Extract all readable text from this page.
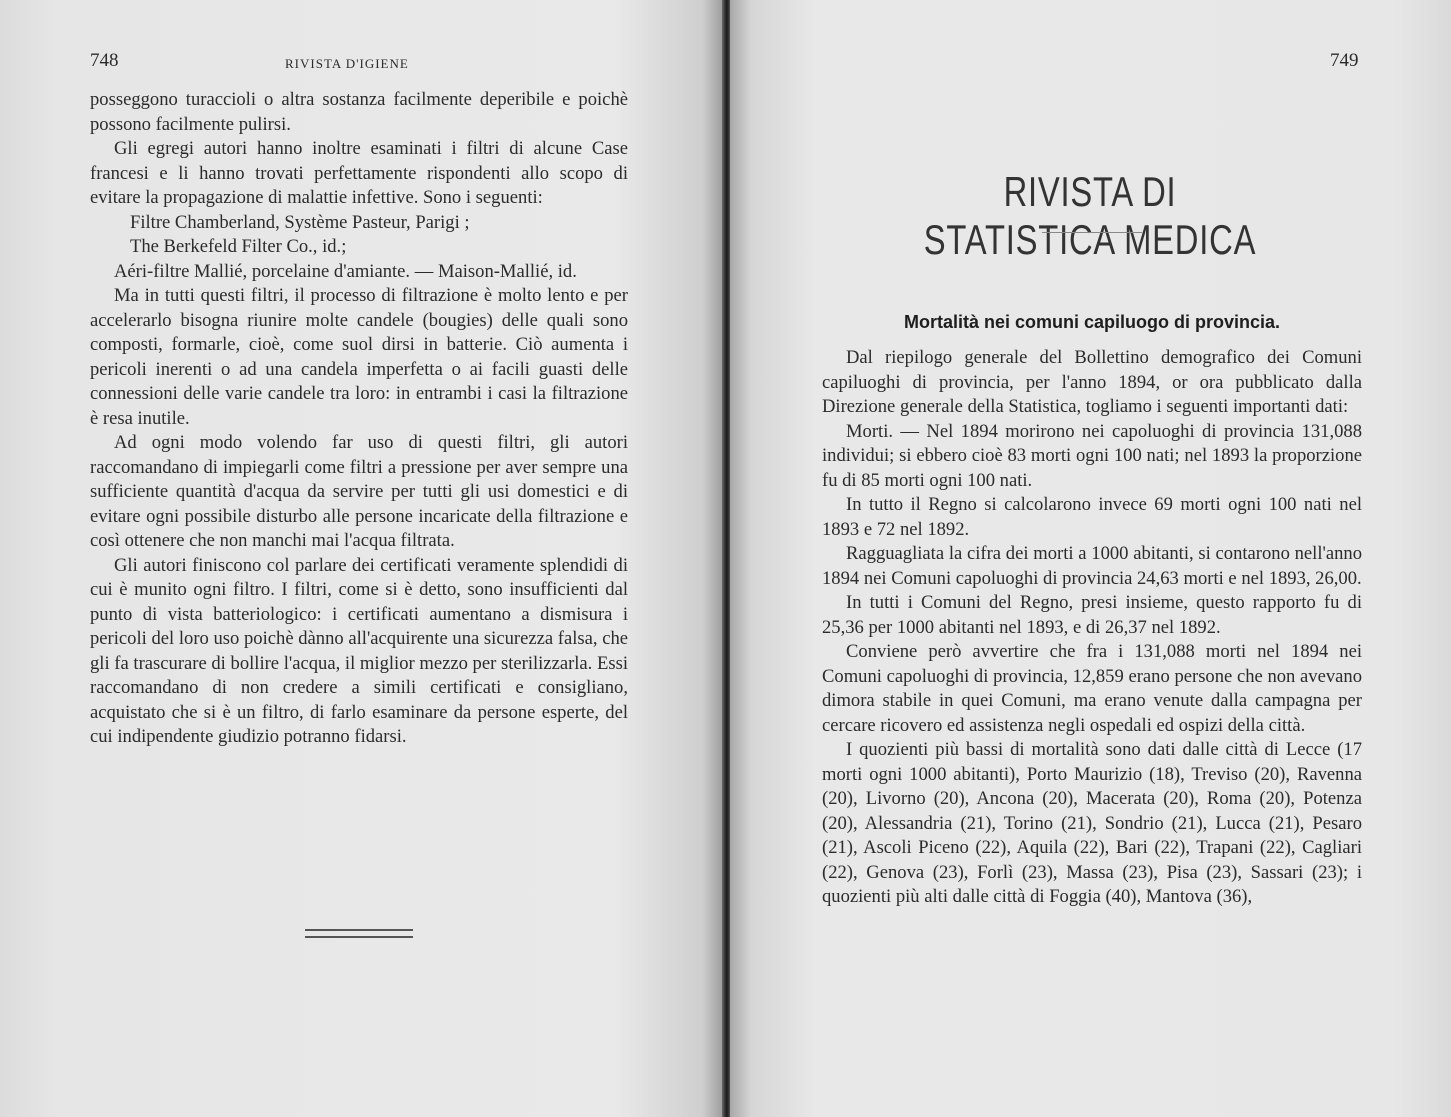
748	RIVISTA D'IGIENE

posseggono turaccioli o altra sostanza facilmente deperibile e poichè possono facilmente pulirsi.

Gli egregi autori hanno inoltre esaminati i filtri di alcune Case francesi e li hanno trovati perfettamente rispondenti allo scopo di evitare la propagazione di malattie infettive. Sono i seguenti:

Filtre Chamberland, Système Pasteur, Parigi ;

The Berkefeld Filter Co., id.;

Aéri-filtre Mallié, porcelaine d'amiante. — Maison-Mallié, id.

Ma in tutti questi filtri, il processo di filtrazione è molto lento e per accelerarlo bisogna riunire molte candele (bougies) delle quali sono composti, formarle, cioè, come suol dirsi in batterie. Ciò aumenta i pericoli inerenti o ad una candela imperfetta o ai facili guasti delle connessioni delle varie candele tra loro: in entrambi i casi la filtrazione è resa inutile.

Ad ogni modo volendo far uso di questi filtri, gli autori raccomandano di impiegarli come filtri a pressione per aver sempre una sufficiente quantità d'acqua da servire per tutti gli usi domestici e di evitare ogni possibile disturbo alle persone incaricate della filtrazione e così ottenere che non manchi mai l'acqua filtrata.

Gli autori finiscono col parlare dei certificati veramente splendidi di cui è munito ogni filtro. I filtri, come si è detto, sono insufficienti dal punto di vista batteriologico: i certificati aumentano a dismisura i pericoli del loro uso poichè dànno all'acquirente una sicurezza falsa, che gli fa trascurare di bollire l'acqua, il miglior mezzo per sterilizzarla. Essi raccomandano di non credere a simili certificati e consigliano, acquistato che si è un filtro, di farlo esaminare da persone esperte, del cui indipendente giudizio potranno fidarsi.

749
RIVISTA DI STATISTICA MEDICA
Mortalità nei comuni capiluogo di provincia.

Dal riepilogo generale del Bollettino demografico dei Comuni capiluoghi di provincia, per l'anno 1894, or ora pubblicato dalla Direzione generale della Statistica, togliamo i seguenti importanti dati:

Morti. — Nel 1894 morirono nei capoluoghi di provincia 131,088 individui; si ebbero cioè 83 morti ogni 100 nati; nel 1893 la proporzione fu di 85 morti ogni 100 nati.

In tutto il Regno si calcolarono invece 69 morti ogni 100 nati nel 1893 e 72 nel 1892.

Ragguagliata la cifra dei morti a 1000 abitanti, si contarono nell'anno 1894 nei Comuni capoluoghi di provincia 24,63 morti e nel 1893, 26,00.

In tutti i Comuni del Regno, presi insieme, questo rapporto fu di 25,36 per 1000 abitanti nel 1893, e di 26,37 nel 1892.

Conviene però avvertire che fra i 131,088 morti nel 1894 nei Comuni capoluoghi di provincia, 12,859 erano persone che non avevano dimora stabile in quei Comuni, ma erano venute dalla campagna per cercare ricovero ed assistenza negli ospedali ed ospizi della città.

I quozienti più bassi di mortalità sono dati dalle città di Lecce (17 morti ogni 1000 abitanti), Porto Maurizio (18), Treviso (20), Ravenna (20), Livorno (20), Ancona (20), Macerata (20), Roma (20), Potenza (20), Alessandria (21), Torino (21), Sondrio (21), Lucca (21), Pesaro (21), Ascoli Piceno (22), Aquila (22), Bari (22), Trapani (22), Cagliari (22), Genova (23), Forlì (23), Massa (23), Pisa (23), Sassari (23); i quozienti più alti dalle città di Foggia (40), Mantova (36),
